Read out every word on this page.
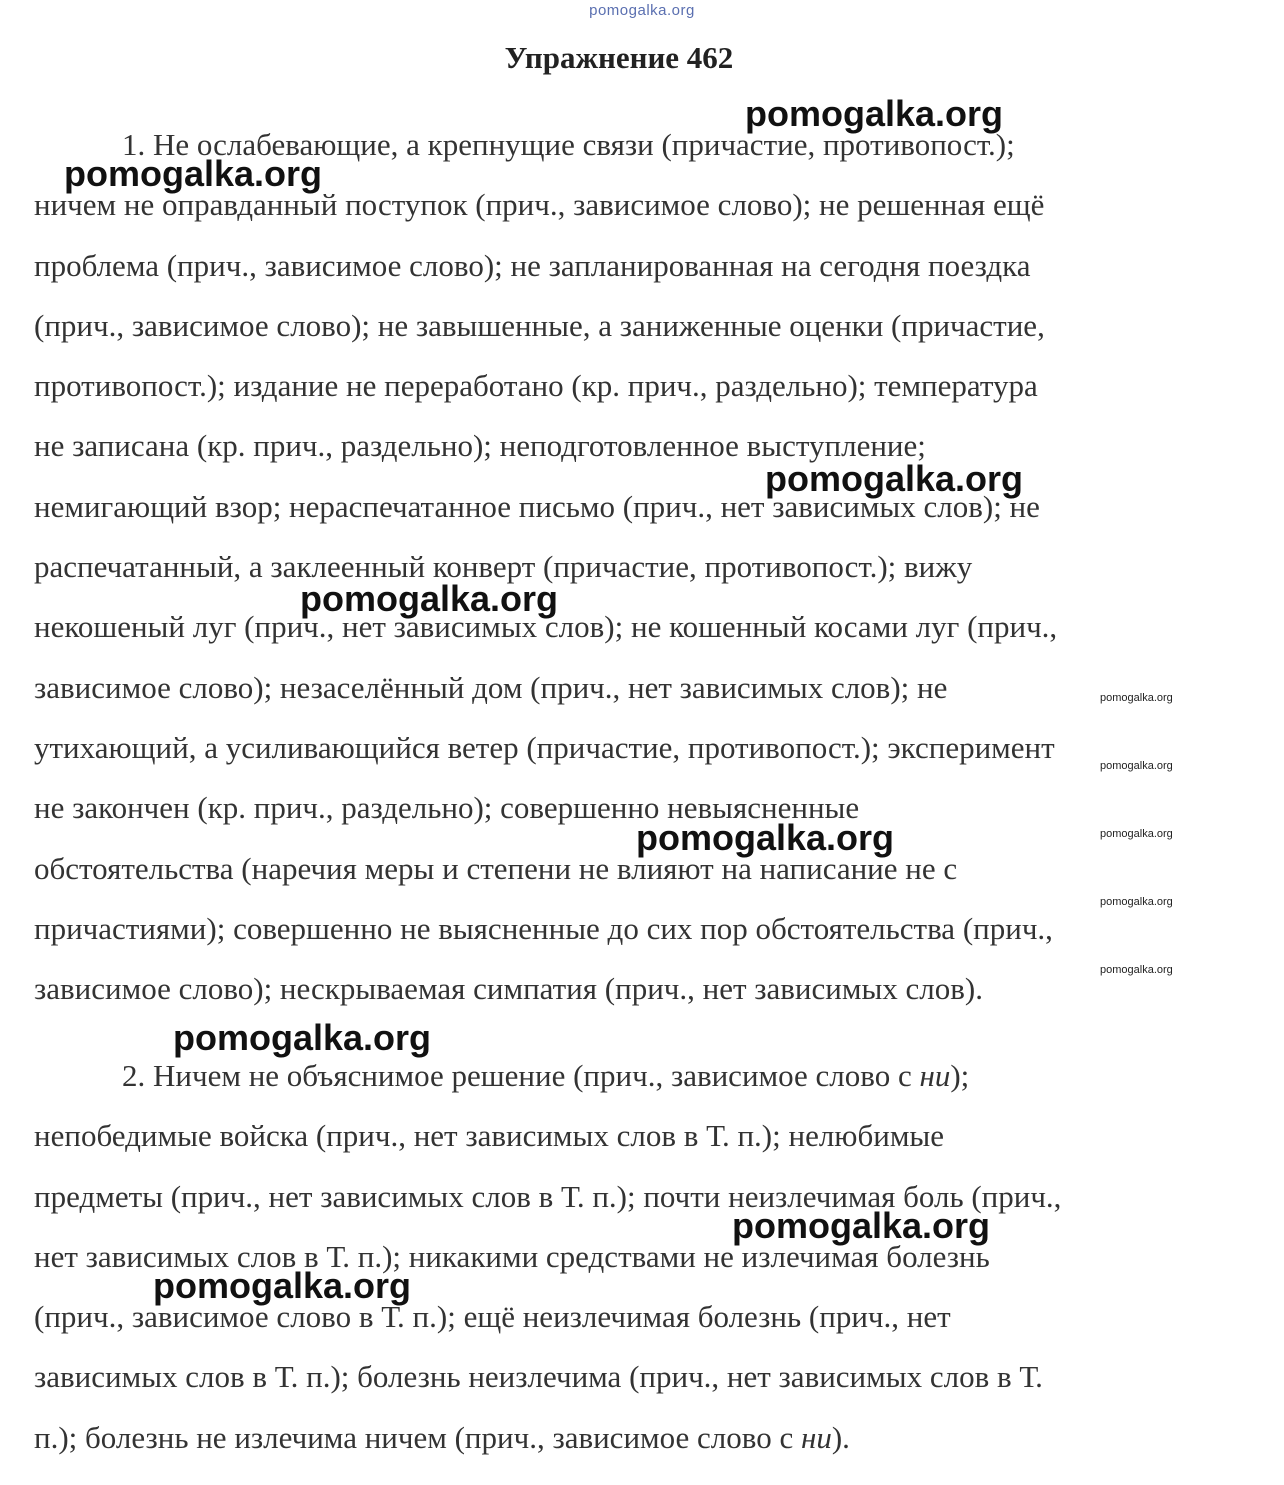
pomogalka.org
Упражнение 462
1. Не ослабевающие, а крепнущие связи (причастие, противопост.);
ничем не оправданный поступок (прич., зависимое слово); не решенная ещё
проблема (прич., зависимое слово); не запланированная на сегодня поездка
(прич., зависимое слово); не завышенные, а заниженные оценки (причастие,
противопост.); издание не переработано (кр. прич., раздельно); температура
не записана (кр. прич., раздельно); неподготовленное выступление;
немигающий взор; нераспечатанное письмо (прич., нет зависимых слов); не
распечатанный, а заклеенный конверт (причастие, противопост.); вижу
некошеный луг (прич., нет зависимых слов); не кошенный косами луг (прич.,
зависимое слово); незаселённый дом (прич., нет зависимых слов); не
утихающий, а усиливающийся ветер (причастие, противопост.); эксперимент
не закончен (кр. прич., раздельно); совершенно невыясненные
обстоятельства (наречия меры и степени не влияют на написание не с
причастиями); совершенно не выясненные до сих пор обстоятельства (прич.,
зависимое слово); нескрываемая симпатия (прич., нет зависимых слов).
2. Ничем не объяснимое решение (прич., зависимое слово с ни);
непобедимые войска (прич., нет зависимых слов в Т. п.); нелюбимые
предметы (прич., нет зависимых слов в Т. п.); почти неизлечимая боль (прич.,
нет зависимых слов в Т. п.); никакими средствами не излечимая болезнь
(прич., зависимое слово в Т. п.); ещё неизлечимая болезнь (прич., нет
зависимых слов в Т. п.); болезнь неизлечима (прич., нет зависимых слов в Т.
п.); болезнь не излечима ничем (прич., зависимое слово с ни).
pomogalka.org
pomogalka.org
pomogalka.org
pomogalka.org
pomogalka.org
pomogalka.org
pomogalka.org
pomogalka.org
pomogalka.org
pomogalka.org
pomogalka.org
pomogalka.org
pomogalka.org
